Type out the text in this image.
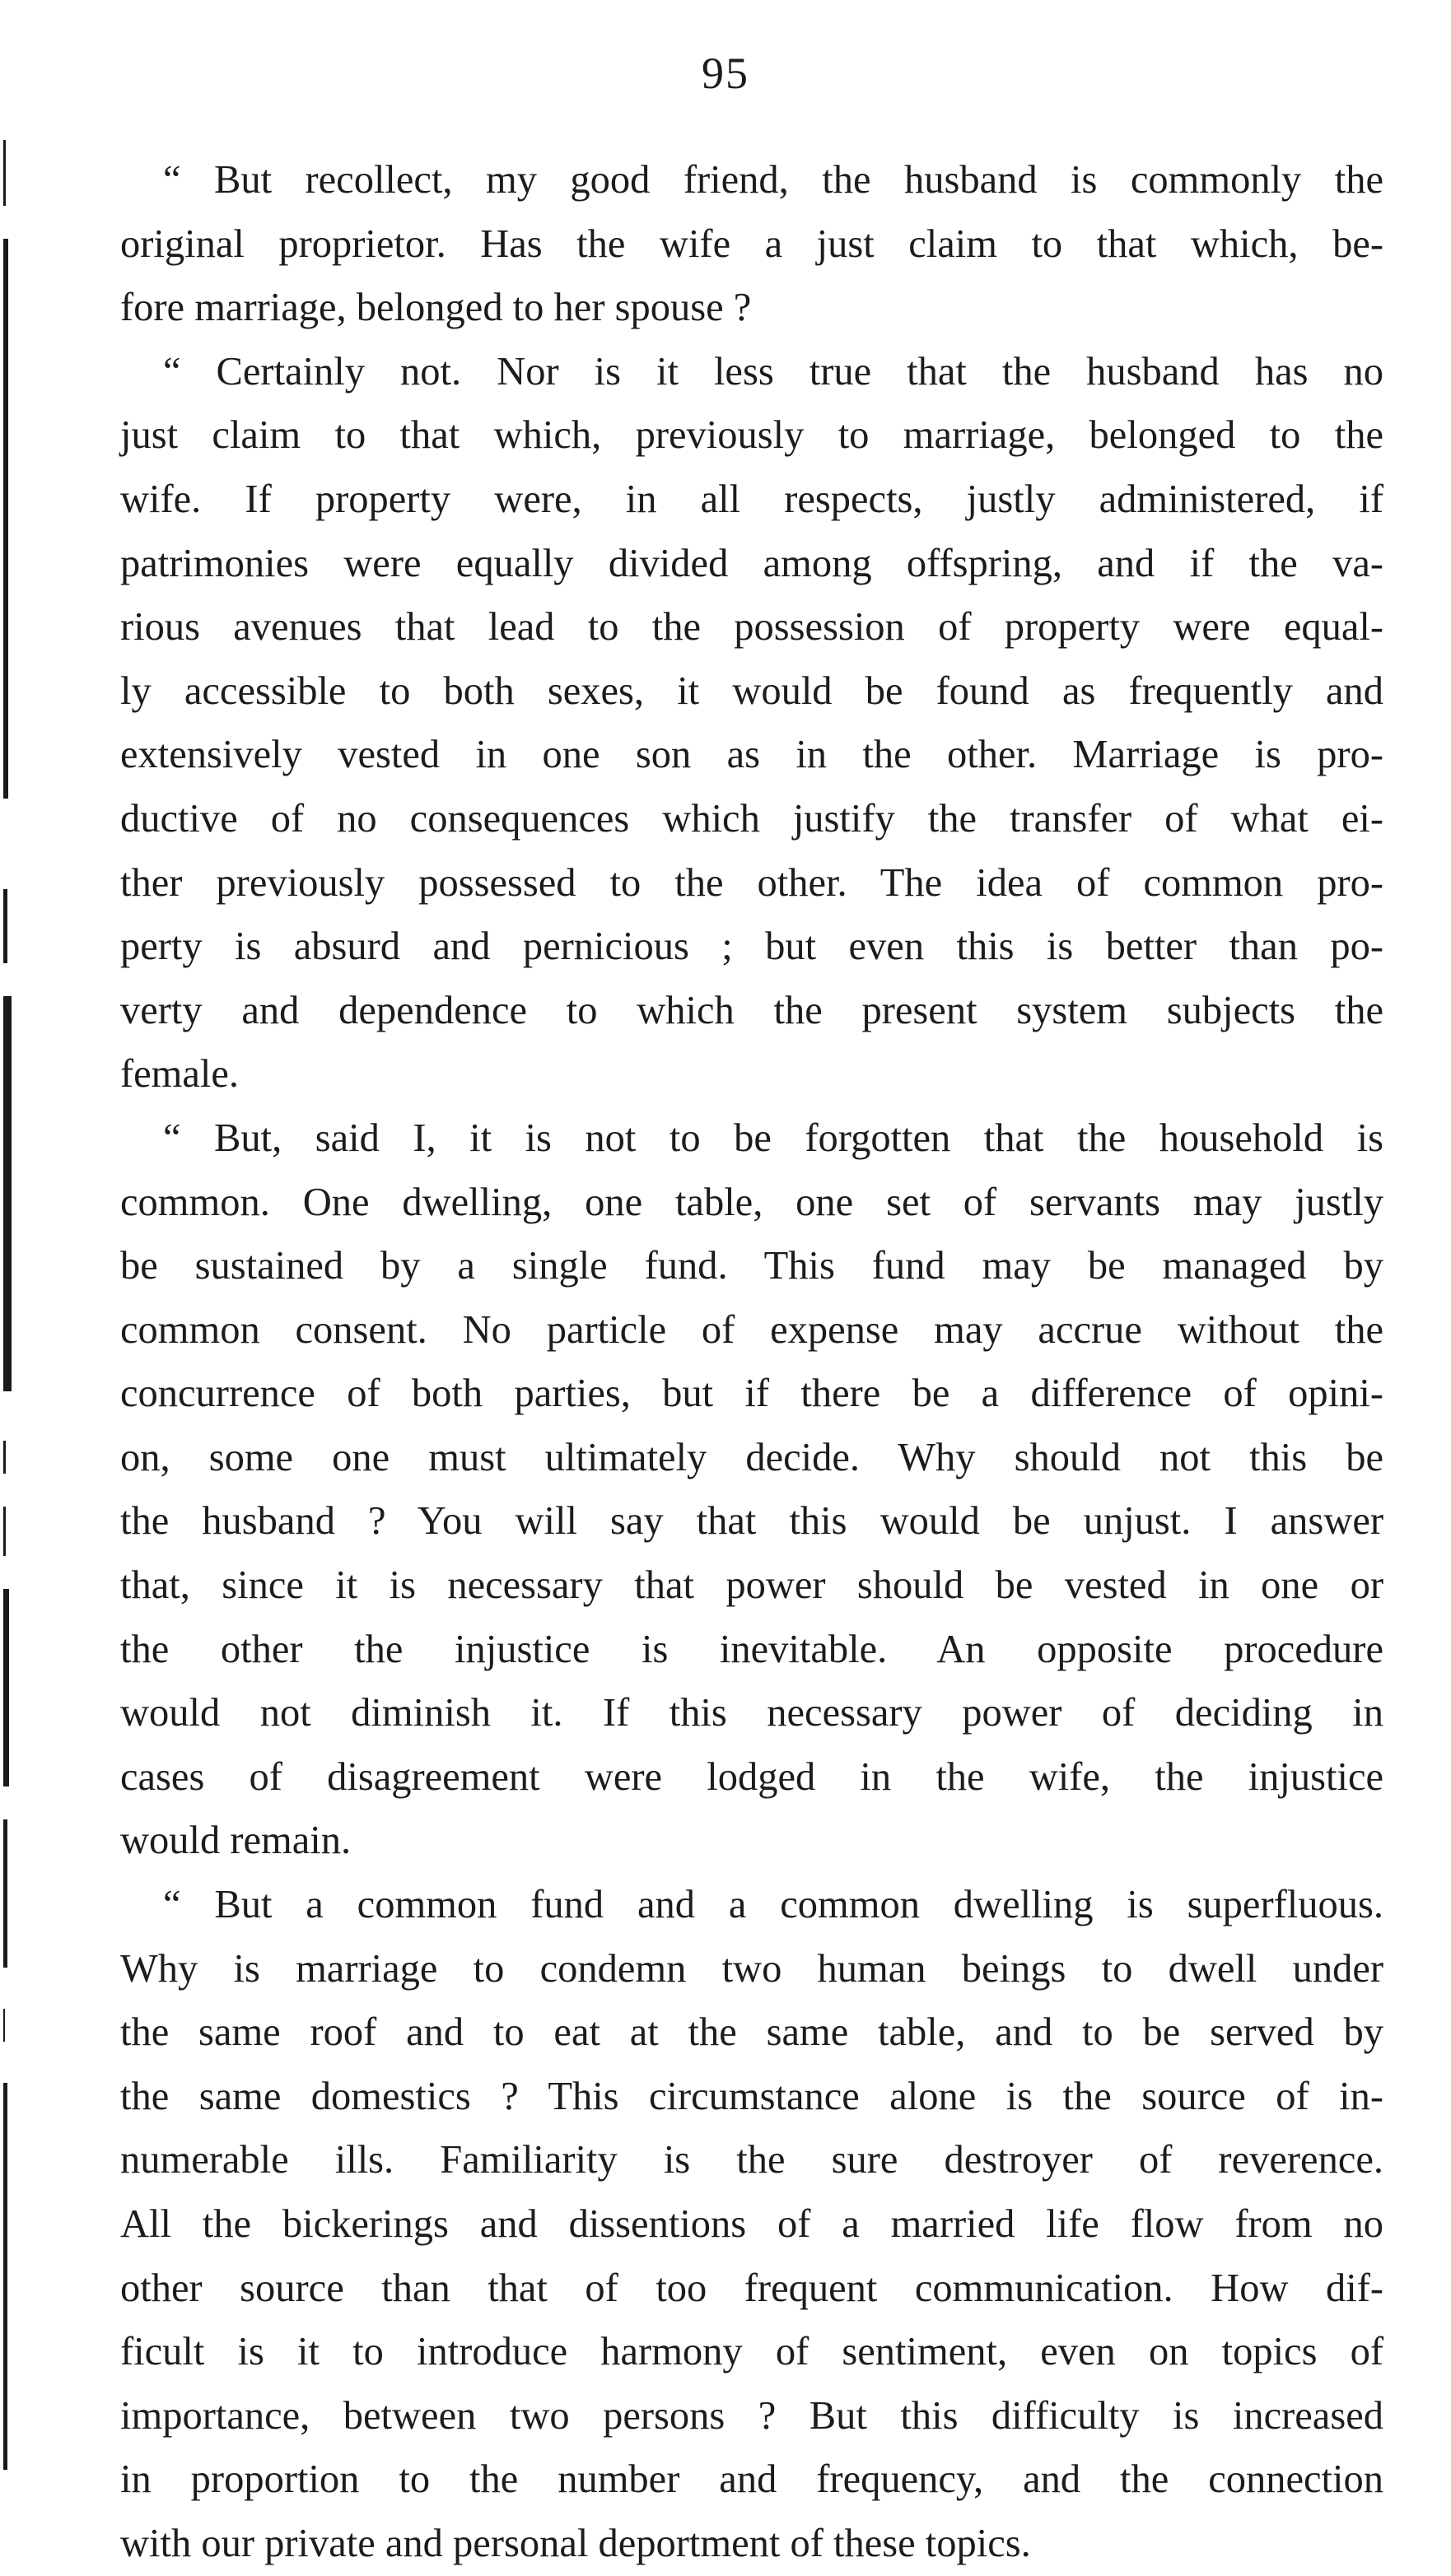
95
“ But recollect, my good friend, the husband is commonly the
original proprietor. Has the wife a just claim to that which, be-
fore marriage, belonged to her spouse ?
“ Certainly not. Nor is it less true that the husband has no
just claim to that which, previously to marriage, belonged to the
wife. If property were, in all respects, justly administered, if
patrimonies were equally divided among offspring, and if the va-
rious avenues that lead to the possession of property were equal-
ly accessible to both sexes, it would be found as frequently and
extensively vested in one son as in the other. Marriage is pro-
ductive of no consequences which justify the transfer of what ei-
ther previously possessed to the other. The idea of common pro-
perty is absurd and pernicious ; but even this is better than po-
verty and dependence to which the present system subjects the
female.
“ But, said I, it is not to be forgotten that the household is
common. One dwelling, one table, one set of servants may justly
be sustained by a single fund. This fund may be managed by
common consent. No particle of expense may accrue without the
concurrence of both parties, but if there be a difference of opini-
on, some one must ultimately decide. Why should not this be
the husband ? You will say that this would be unjust. I answer
that, since it is necessary that power should be vested in one or
the other the injustice is inevitable. An opposite procedure
would not diminish it. If this necessary power of deciding in
cases of disagreement were lodged in the wife, the injustice
would remain.
“ But a common fund and a common dwelling is superfluous.
Why is marriage to condemn two human beings to dwell under
the same roof and to eat at the same table, and to be served by
the same domestics ? This circumstance alone is the source of in-
numerable ills. Familiarity is the sure destroyer of reverence.
All the bickerings and dissentions of a married life flow from no
other source than that of too frequent communication. How dif-
ficult is it to introduce harmony of sentiment, even on topics of
importance, between two persons ? But this difficulty is increased
in proportion to the number and frequency, and the connection
with our private and personal deportment of these topics.
